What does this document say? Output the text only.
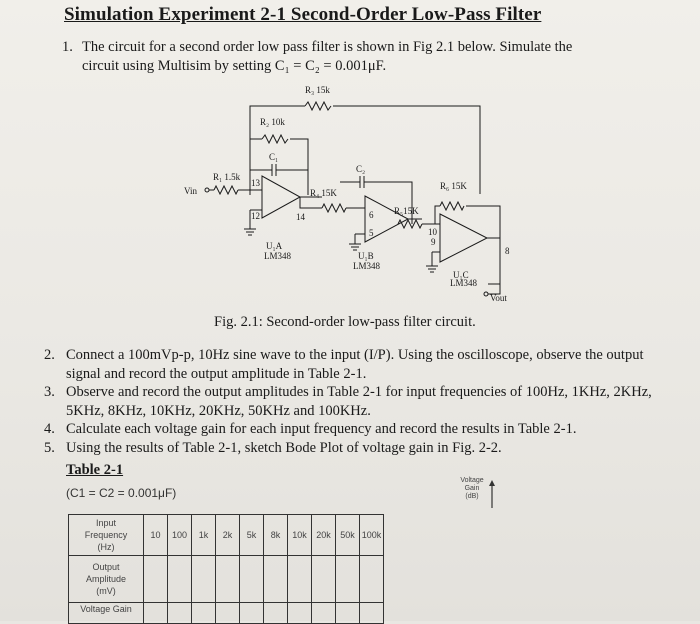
Simulation Experiment 2-1 Second-Order Low-Pass Filter
1. The circuit for a second order low pass filter is shown in Fig 2.1 below. Simulate the
circuit using Multisim by setting C₁ = C₂ = 0.001μF.
R₃ 15k
R₂ 10k
C₁
Vin
R₁ 1.5k
13
12	14
U₁A
LM348
R₄ 15K
C₂
6
5
U₁B
LM348
R₅15K
R₆ 15K
10
9
8
U₁C
LM348
Vout
Fig. 2.1: Second-order low-pass filter circuit.
2. Connect a 100mVp-p, 10Hz sine wave to the input (I/P). Using the oscilloscope, observe the output signal and record the output amplitude in Table 2-1.
3. Observe and record the output amplitudes in Table 2-1 for input frequencies of 100Hz, 1KHz, 2KHz, 5KHz, 8KHz, 10KHz, 20KHz, 50KHz and 100KHz.
4. Calculate each voltage gain for each input frequency and record the results in Table 2-1.
5. Using the results of Table 2-1, sketch Bode Plot of voltage gain in Fig. 2-2.
Table 2-1
(C1 = C2 = 0.001μF)
Voltage
Gain
(dB)
Input
Frequency
(Hz)	10	100	1k	2k	5k	8k	10k	20k	50k	100k

Output
Amplitude
(mV)										

Voltage Gain										
